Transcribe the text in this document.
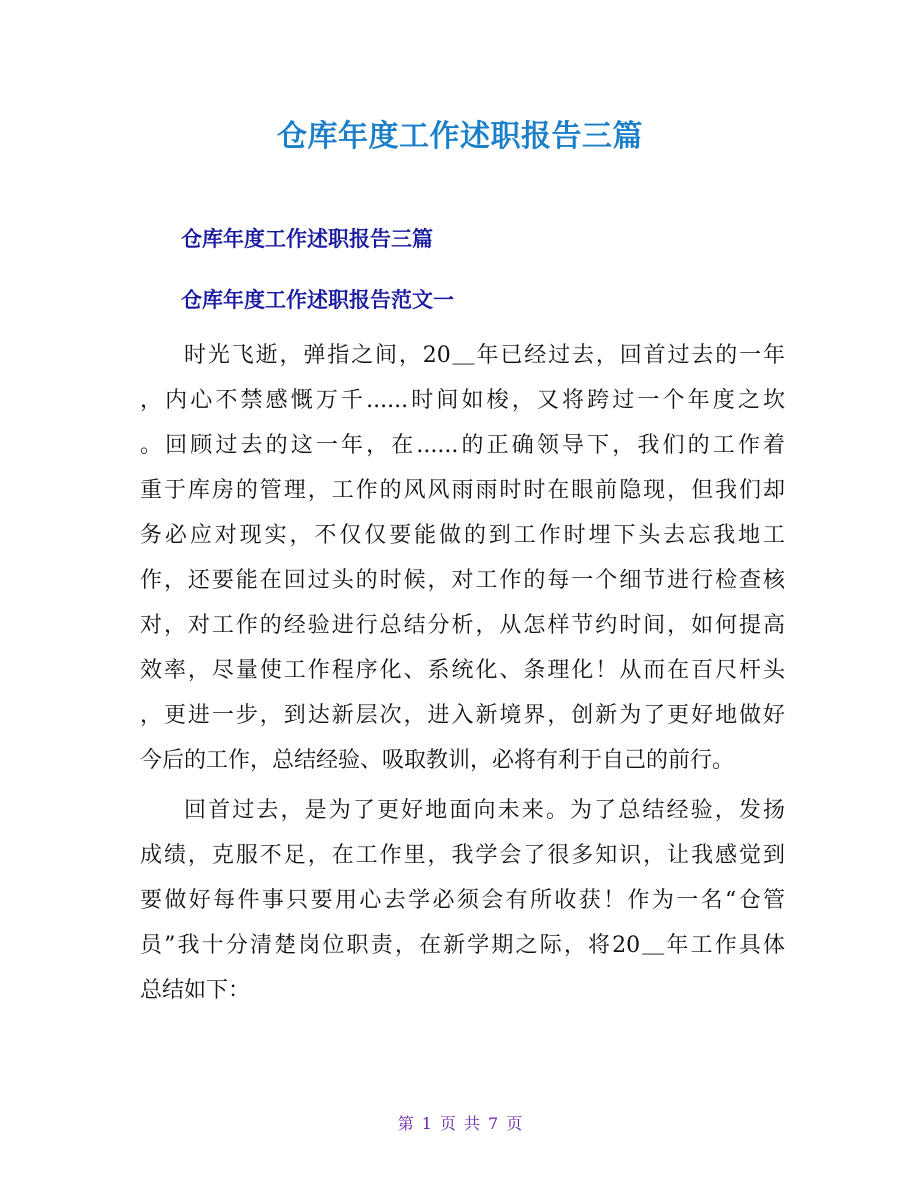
仓库年度工作述职报告三篇
仓库年度工作述职报告三篇
仓库年度工作述职报告范文一
时光飞逝，弹指之间，20＿年已经过去，回首过去的一年
，内心不禁感慨万千......时间如梭，又将跨过一个年度之坎
。回顾过去的这一年，在......的正确领导下，我们的工作着
重于库房的管理，工作的风风雨雨时时在眼前隐现，但我们却
务必应对现实，不仅仅要能做的到工作时埋下头去忘我地工
作，还要能在回过头的时候，对工作的每一个细节进行检查核
对，对工作的经验进行总结分析，从怎样节约时间，如何提高
效率，尽量使工作程序化、系统化、条理化！从而在百尺杆头
，更进一步，到达新层次，进入新境界，创新为了更好地做好
今后的工作，总结经验、吸取教训，必将有利于自己的前行。
回首过去，是为了更好地面向未来。为了总结经验，发扬
成绩，克服不足，在工作里，我学会了很多知识，让我感觉到
要做好每件事只要用心去学必须会有所收获！作为一名“仓管
员”我十分清楚岗位职责，在新学期之际，将20＿年工作具体
总结如下：
第 1 页 共 7 页
